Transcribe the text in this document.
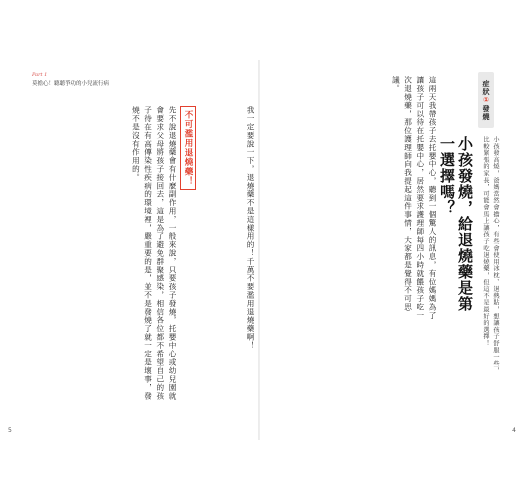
Part 1
莫擔心！聽聽爭功的小兒流行病
不可濫用退燒藥！	我一定要說一下，退燒藥不是這樣用的！千萬不要濫用退燒藥啊！
先不說退燒藥會有什麼副作用，一般來說，只要孩子發燒，托嬰中心或幼兒園就會要求父母將孩子接回去，這是為了避免群聚感染，相信各位都不希望自己的孩子待在有高傳染性疾病的環境裡，嚴重要的是，並不是發燒了就一定是壞事，發燒不是沒有作用的。
5
症狀
①
發燒
小孩發燒，給退燒藥是第一選擇嗎？	小孩發高燒，爸媽當然會擔心，有些會使用冰枕、退熱貼，想讓孩子舒服一些，比較緊張的家長，可能會馬上讓孩子吃退燒藥，但這不是最好的選擇！
這兩天我帶孩子去托嬰中心，聽到一個驚人的訊息，有位媽媽為了讓孩子可以待在托嬰中心，居然要求護理師每四小時就餵孩子吃一次退燒藥，那位護理師向我提起這件事情，大家都是覺得不可思議。
4
